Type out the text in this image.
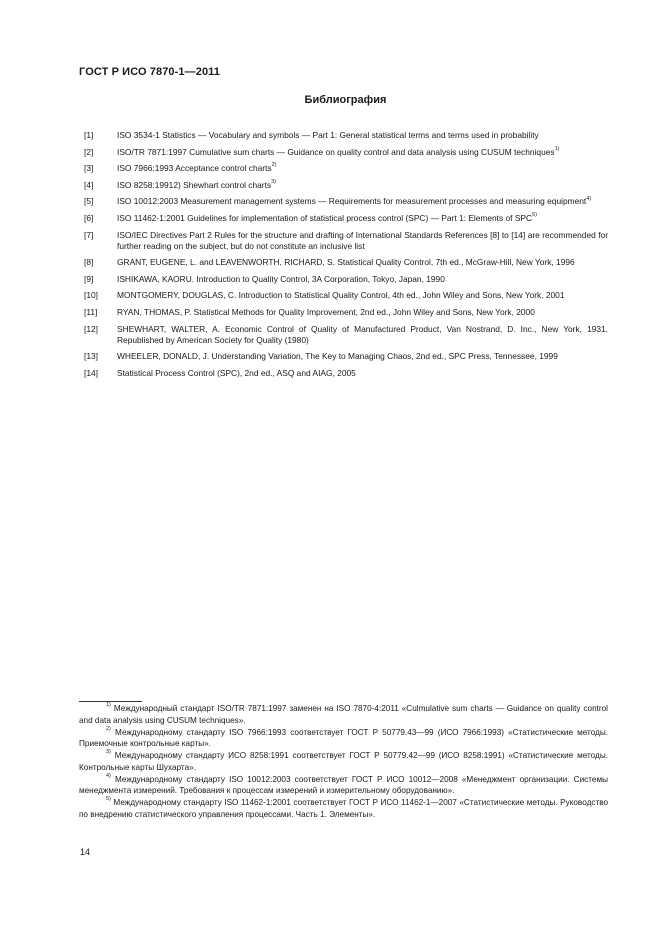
ГОСТ Р ИСО 7870-1—2011
Библиография
[1]	ISO 3534-1 Statistics — Vocabulary and symbols — Part 1: General statistical terms and terms used in probability
[2]	ISO/TR 7871:1997 Cumulative sum charts — Guidance on quality control and data analysis using CUSUM techniques$^{1)}$
[3]	ISO 7966:1993 Acceptance control charts$^{2)}$
[4]	ISO 8258:19912) Shewhart control charts$^{3)}$
[5]	ISO 10012:2003 Measurement management systems — Requirements for measurement processes and measuring equipment$^{4)}$
[6]	ISO 11462-1:2001 Guidelines for implementation of statistical process control (SPC) — Part 1: Elements of SPC$^{5)}$
[7]	ISO/IEC Directives Part 2 Rules for the structure and drafting of International Standards References [8] to [14] are recommended for further reading on the subject, but do not constitute an inclusive list
[8]	GRANT, EUGENE, L. and LEAVENWORTH, RICHARD, S. Statistical Quality Control, 7th ed., McGraw-Hill, New York, 1996
[9]	ISHIKAWA, KAORU. Introduction to Quality Control, 3A Corporation, Tokyo, Japan, 1990
[10]	MONTGOMERY, DOUGLAS, C. Introduction to Statistical Quality Control, 4th ed., John Wiley and Sons, New York, 2001
[11]	RYAN, THOMAS, P. Statistical Methods for Quality Improvement, 2nd ed., John Wiley and Sons, New York, 2000
[12]	SHEWHART, WALTER, A. Economic Control of Quality of Manufactured Product, Van Nostrand, D. Inc., New York, 1931. Republished by American Society for Quality (1980)
[13]	WHEELER, DONALD, J. Understanding Variation, The Key to Managing Chaos, 2nd ed., SPC Press, Tennessee, 1999
[14]	Statistical Process Control (SPC), 2nd ed., ASQ and AIAG, 2005

$^{1)}$ Международный стандарт ISO/TR 7871:1997 заменен на ISO 7870-4:2011 «Culmulative sum charts — Guidance on quality control and data analysis using CUSUM techniques».

$^{2)}$ Международному стандарту ISO 7966:1993 соответствует ГОСТ Р 50779.43—99 (ИСО 7966:1993) «Статистические методы. Приемочные контрольные карты».

$^{3)}$ Международному стандарту ИСО 8258:1991 соответствует ГОСТ Р 50779.42—99 (ИСО 8258:1991) «Статистические методы. Контрольные карты Шухарта».

$^{4)}$ Международному стандарту ISO 10012:2003 соответствует ГОСТ Р ИСО 10012—2008 «Менеджмент организации. Системы менеджмента измерений. Требования к процессам измерений и измерительному оборудованию».

$^{5)}$ Международному стандарту ISO 11462-1:2001 соответствует ГОСТ Р ИСО 11462-1—2007 «Статистические методы. Руководство по внедрению статистического управления процессами. Часть 1. Элементы».

14
